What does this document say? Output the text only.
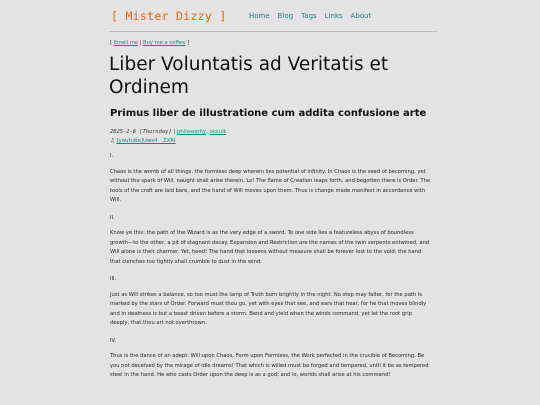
[ Mister Dizzy ]	Home Blog Tags Links About
[ Email me | Buy me a coffee ]
Liber Voluntatis ad Veritatis et Ordinem
Primus liber de illustratione cum addita confusione arte
2025-2-6 [Thursday] | philosophy, occult
♫ [youtube]Uws4__ZXRI

I.

Chaos is the womb of all things, the formless deep wherein lies potential of infinity. In Chaos is the seed of becoming, yet without the spark of Will, naught shall arise therein. Lo! The flame of Creation leaps forth, and begotten there is Order. The tools of the craft are laid bare, and the hand of Will moves upon them. Thus is change made manifest in accordance with Will.

II.

Know ye this: the path of the Wizard is as the very edge of a sword. To one side lies a featureless abyss of boundless growth—to the other, a pit of stagnant decay. Expansion and Restriction are the names of the twin serpents entwined, and Will alone is their charmer. Yet, heed! The hand that loosens without measure shall be forever lost to the void; the hand that clenches too tightly shall crumble to dust in the wind.

III.

Just as Will strikes a balance, so too must the lamp of Truth burn brightly in the night. No step may falter, for the path is marked by the stars of Order. Forward must thou go, yet with eyes that see, and ears that hear, for he that moves blindly and in deafness is but a beast driven before a storm. Bend and yield when the winds command, yet let the root grip deeply, that thou art not overthrown.

IV.

Thus is the dance of an adept: Will upon Chaos, Form upon Formless, the Work perfected in the crucible of Becoming. Be you not deceived by the mirage of idle dreams! That which is willed must be forged and tempered, until it be as tempered steel in the hand. He who casts Order upon the deep is as a god; and lo, worlds shall arise at his command!
